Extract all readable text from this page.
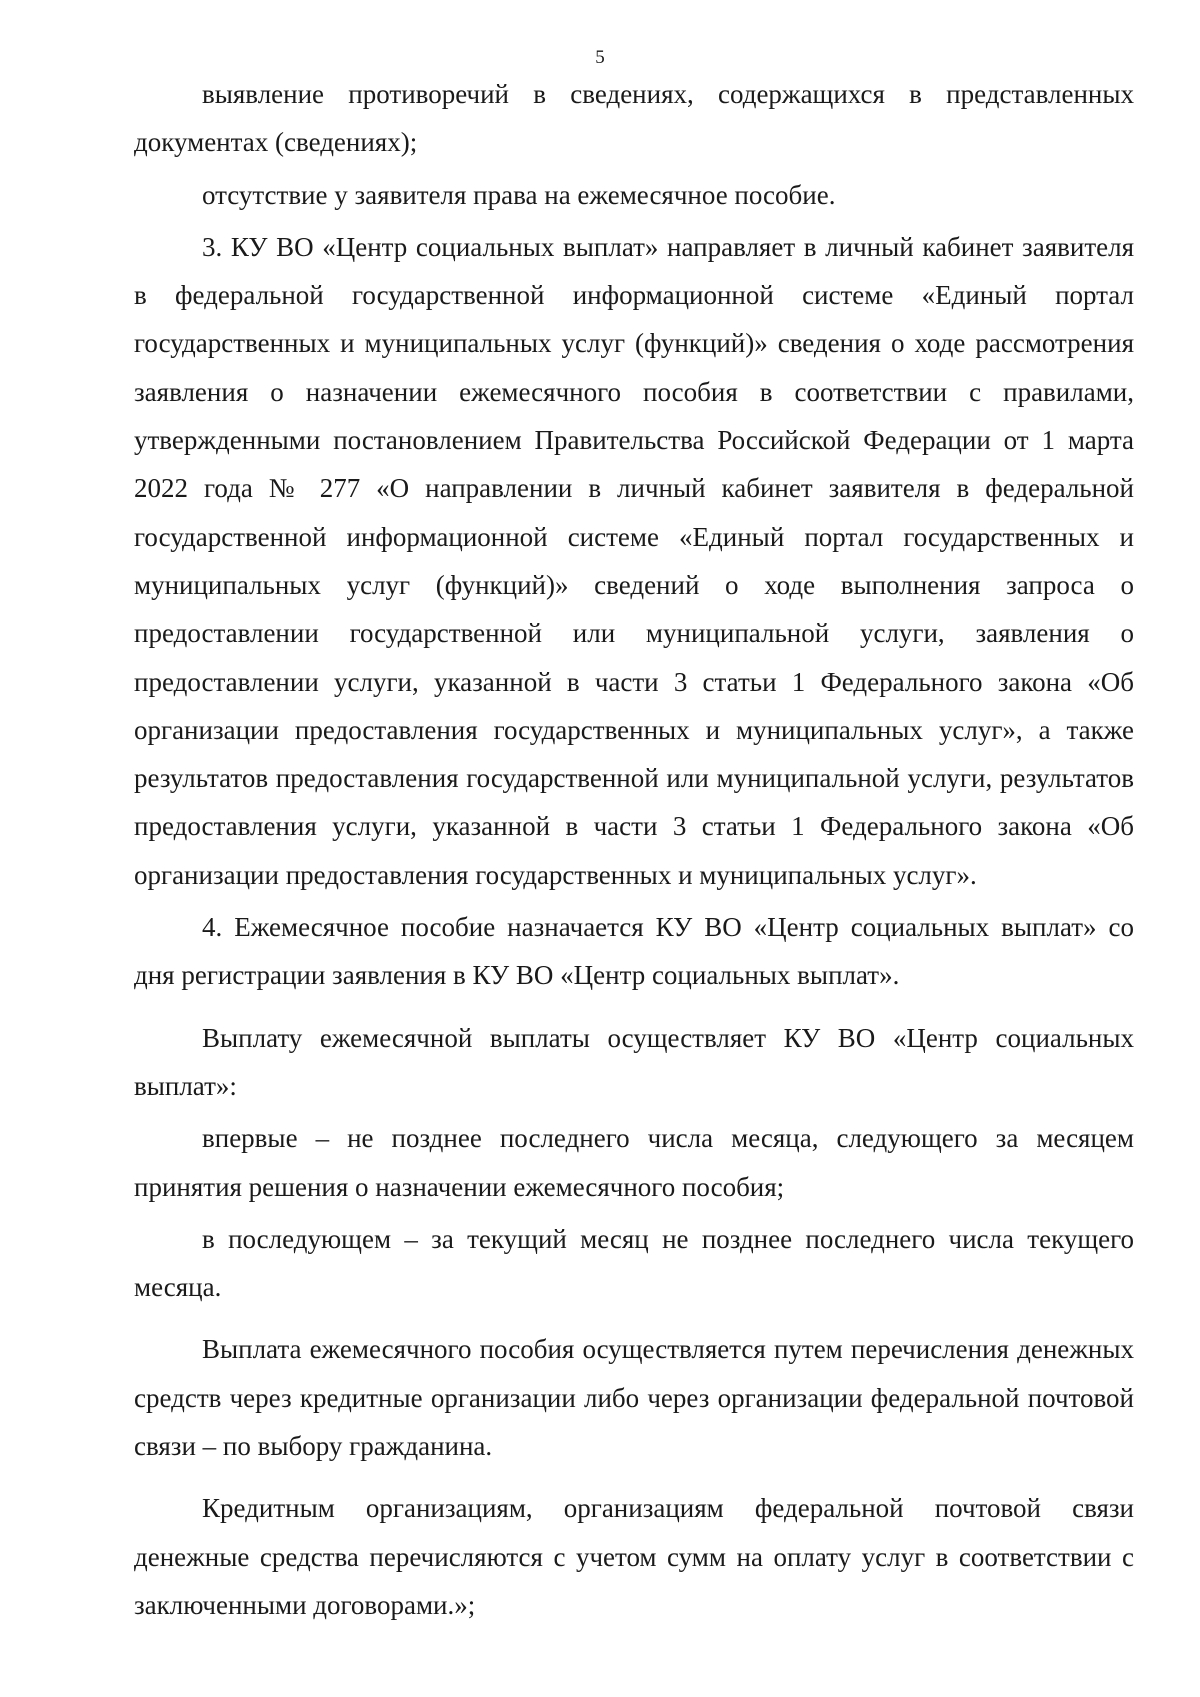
5

выявление противоречий в сведениях, содержащихся в представленных документах (сведениях);

отсутствие у заявителя права на ежемесячное пособие.

3. КУ ВО «Центр социальных выплат» направляет в личный кабинет заявителя в федеральной государственной информационной системе «Единый портал государственных и муниципальных услуг (функций)» сведения о ходе рассмотрения заявления о назначении ежемесячного пособия в соответствии с правилами, утвержденными постановлением Правительства Российской Федерации от 1 марта 2022 года № 277 «О направлении в личный кабинет заявителя в федеральной государственной информационной системе «Единый портал государственных и муниципальных услуг (функций)» сведений о ходе выполнения запроса о предоставлении государственной или муниципальной услуги, заявления о предоставлении услуги, указанной в части 3 статьи 1 Федерального закона «Об организации предоставления государственных и муниципальных услуг», а также результатов предоставления государственной или муниципальной услуги, результатов предоставления услуги, указанной в части 3 статьи 1 Федерального закона «Об организации предоставления государственных и муниципальных услуг».

4. Ежемесячное пособие назначается КУ ВО «Центр социальных выплат» со дня регистрации заявления в КУ ВО «Центр социальных выплат».

Выплату ежемесячной выплаты осуществляет КУ ВО «Центр социальных выплат»:

впервые – не позднее последнего числа месяца, следующего за месяцем принятия решения о назначении ежемесячного пособия;

в последующем – за текущий месяц не позднее последнего числа текущего месяца.

Выплата ежемесячного пособия осуществляется путем перечисления денежных средств через кредитные организации либо через организации федеральной почтовой связи – по выбору гражданина.

Кредитным организациям, организациям федеральной почтовой связи денежные средства перечисляются с учетом сумм на оплату услуг в соответствии с заключенными договорами.»;
